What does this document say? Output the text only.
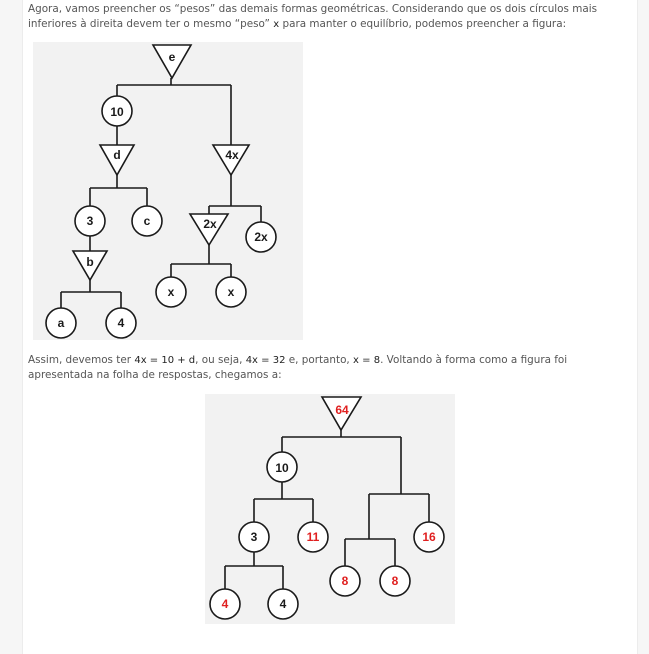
Agora, vamos preencher os “pesos” das demais formas geométricas. Considerando que os dois círculos mais inferiores à direita devem ter o mesmo “peso” x para manter o equilíbrio, podemos preencher a figura:

e
10
d	4x
3	c	2x
2x
b
x	x
a	4

Assim, devemos ter 4x = 10 + d, ou seja, 4x = 32 e, portanto, x = 8. Voltando à forma como a figura foi apresentada na folha de respostas, chegamos a:

64
10
3	11	16
8	8
4	4
